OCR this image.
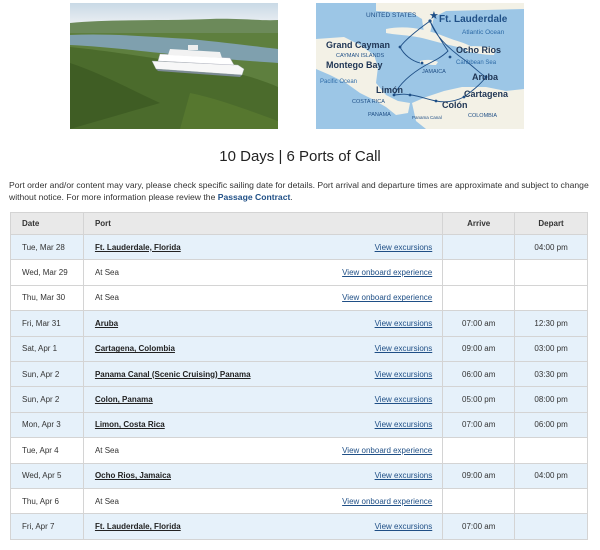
★
UNITED STATES Ft. Lauderdale
Atlantic Ocean
Grand Cayman
CAYMAN ISLANDS
Ocho Rios
Caribbean Sea
Montego Bay
JAMAICA	Aruba
Pacific Ocean
Limón
COSTA RICA
Cartagena
Colón
PANAMA	Panama Canal	COLOMBIA
10 Days | 6 Ports of Call
Port order and/or content may vary, please check specific sailing date for details. Port arrival and departure times are approximate and subject to change without notice. For more information please review the Passage Contract.
Date	Port	Arrive	Depart
Tue, Mar 28	Ft. Lauderdale, Florida View excursions		04:00 pm
Wed, Mar 29	At Sea View onboard experience		

Thu, Mar 30	At Sea View onboard experience		

Fri, Mar 31	Aruba View excursions	07:00 am	12:30 pm
Sat, Apr 1	Cartagena, Colombia View excursions	09:00 am	03:00 pm
Sun, Apr 2	Panama Canal (Scenic Cruising) Panama View excursions	06:00 am	03:30 pm
Sun, Apr 2	Colon, Panama View excursions	05:00 pm	08:00 pm
Mon, Apr 3	Limon, Costa Rica View excursions	07:00 am	06:00 pm
Tue, Apr 4	At Sea View onboard experience		

Wed, Apr 5	Ocho Rios, Jamaica View excursions	09:00 am	04:00 pm
Thu, Apr 6	At Sea View onboard experience		

Fri, Apr 7	Ft. Lauderdale, Florida View excursions	07:00 am	
